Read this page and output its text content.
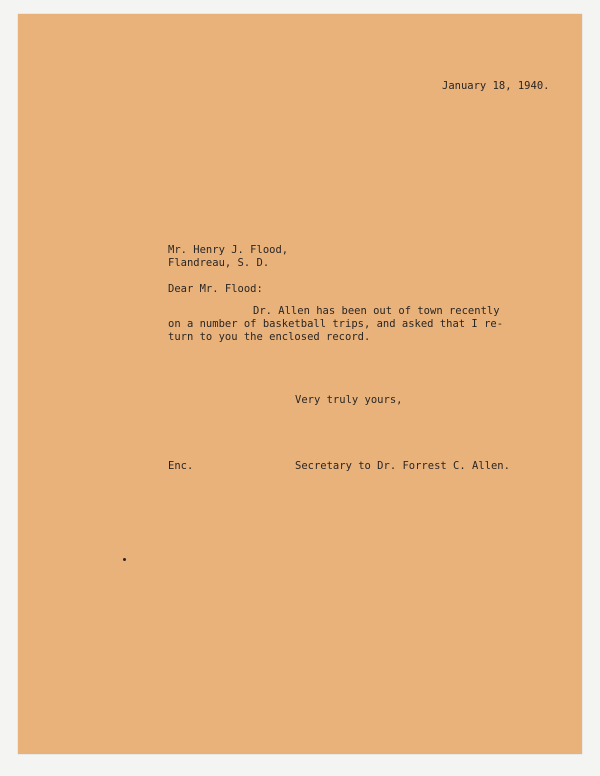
January 18, 1940.
Mr. Henry J. Flood,
Flandreau, S. D.
Dear Mr. Flood:
Dr. Allen has been out of town recently
on a number of basketball trips, and asked that I re-
turn to you the enclosed record.
Very truly yours,
Enc.	Secretary to Dr. Forrest C. Allen.
